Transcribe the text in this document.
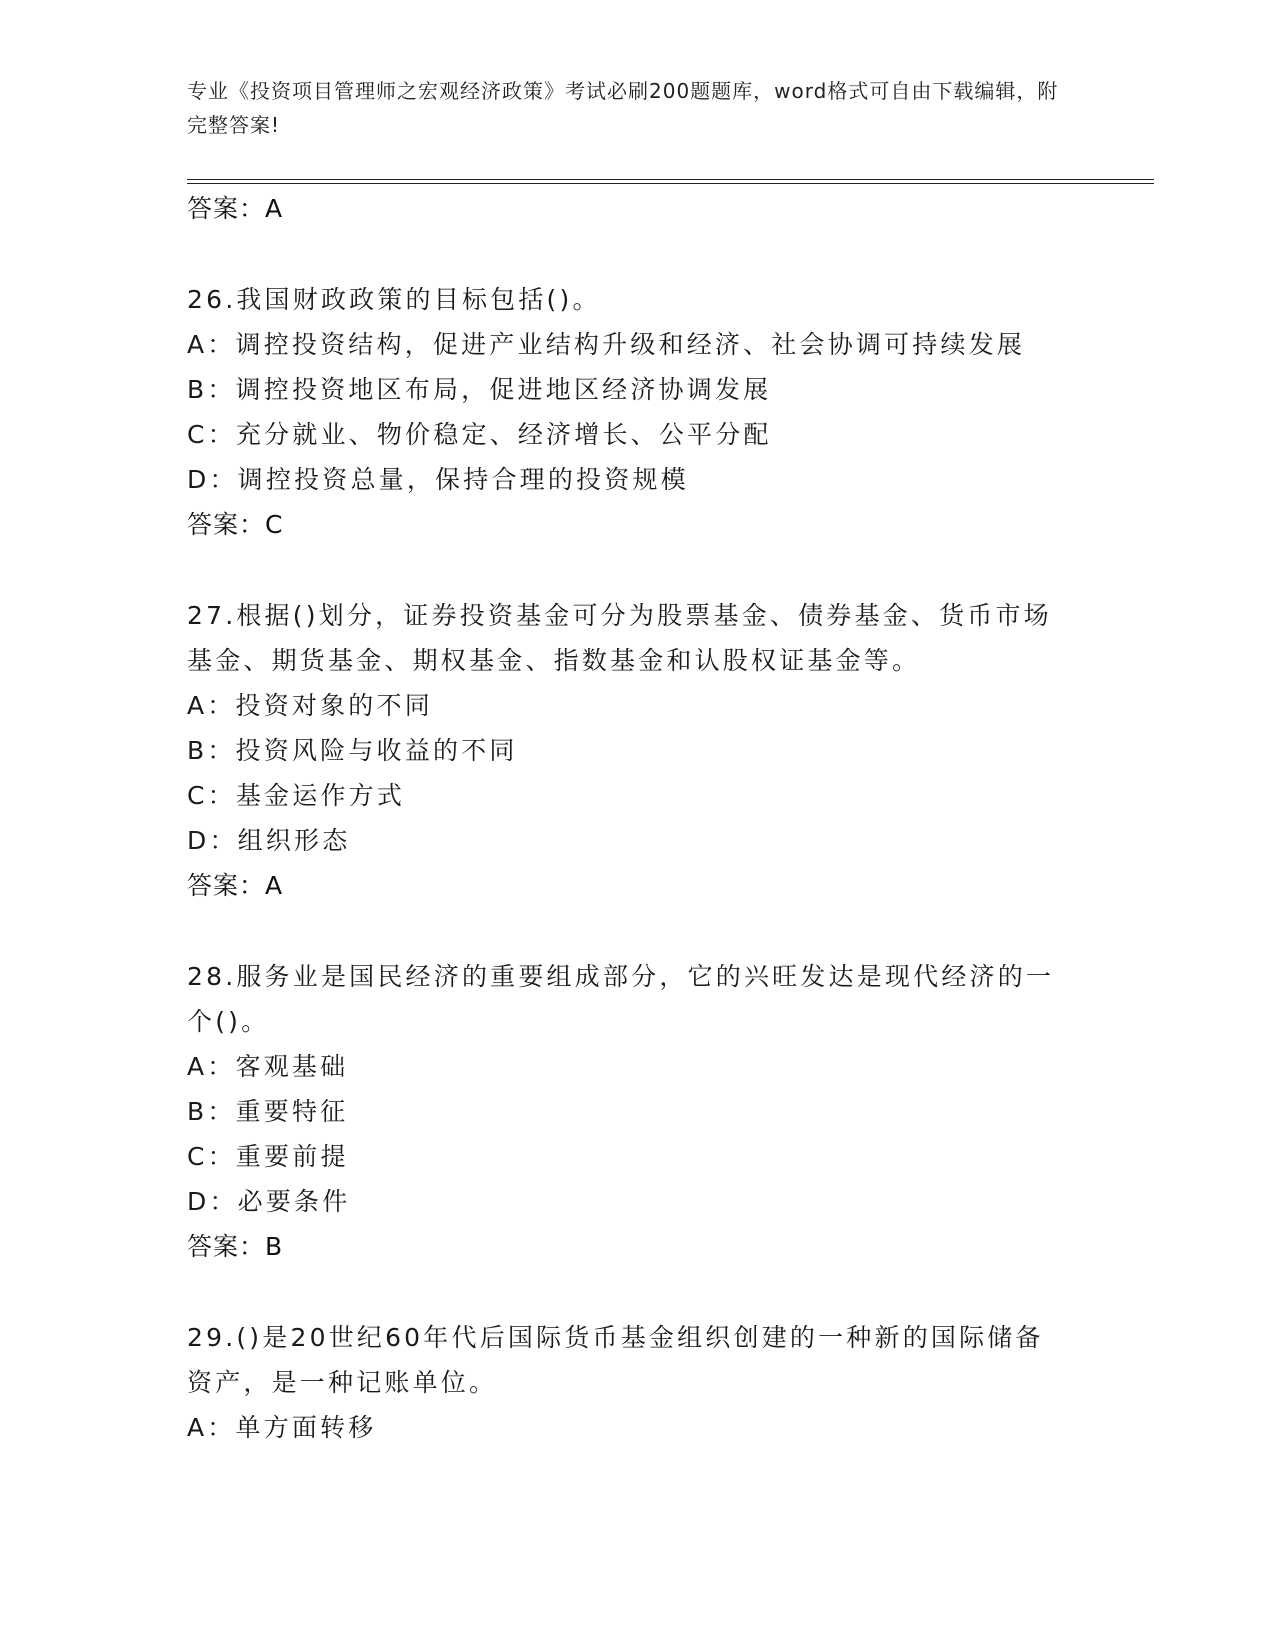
专业《投资项目管理师之宏观经济政策》考试必刷200题题库，word格式可自由下载编辑，附完整答案!
答案：A
26.我国财政政策的目标包括()。
A：调控投资结构，促进产业结构升级和经济、社会协调可持续发展
B：调控投资地区布局，促进地区经济协调发展
C：充分就业、物价稳定、经济增长、公平分配
D：调控投资总量，保持合理的投资规模
答案：C
27.根据()划分，证券投资基金可分为股票基金、债券基金、货币市场基金、期货基金、期权基金、指数基金和认股权证基金等。
A：投资对象的不同
B：投资风险与收益的不同
C：基金运作方式
D：组织形态
答案：A
28.服务业是国民经济的重要组成部分，它的兴旺发达是现代经济的一个()。
A：客观基础
B：重要特征
C：重要前提
D：必要条件
答案：B
29.()是20世纪60年代后国际货币基金组织创建的一种新的国际储备资产，是一种记账单位。
A：单方面转移
